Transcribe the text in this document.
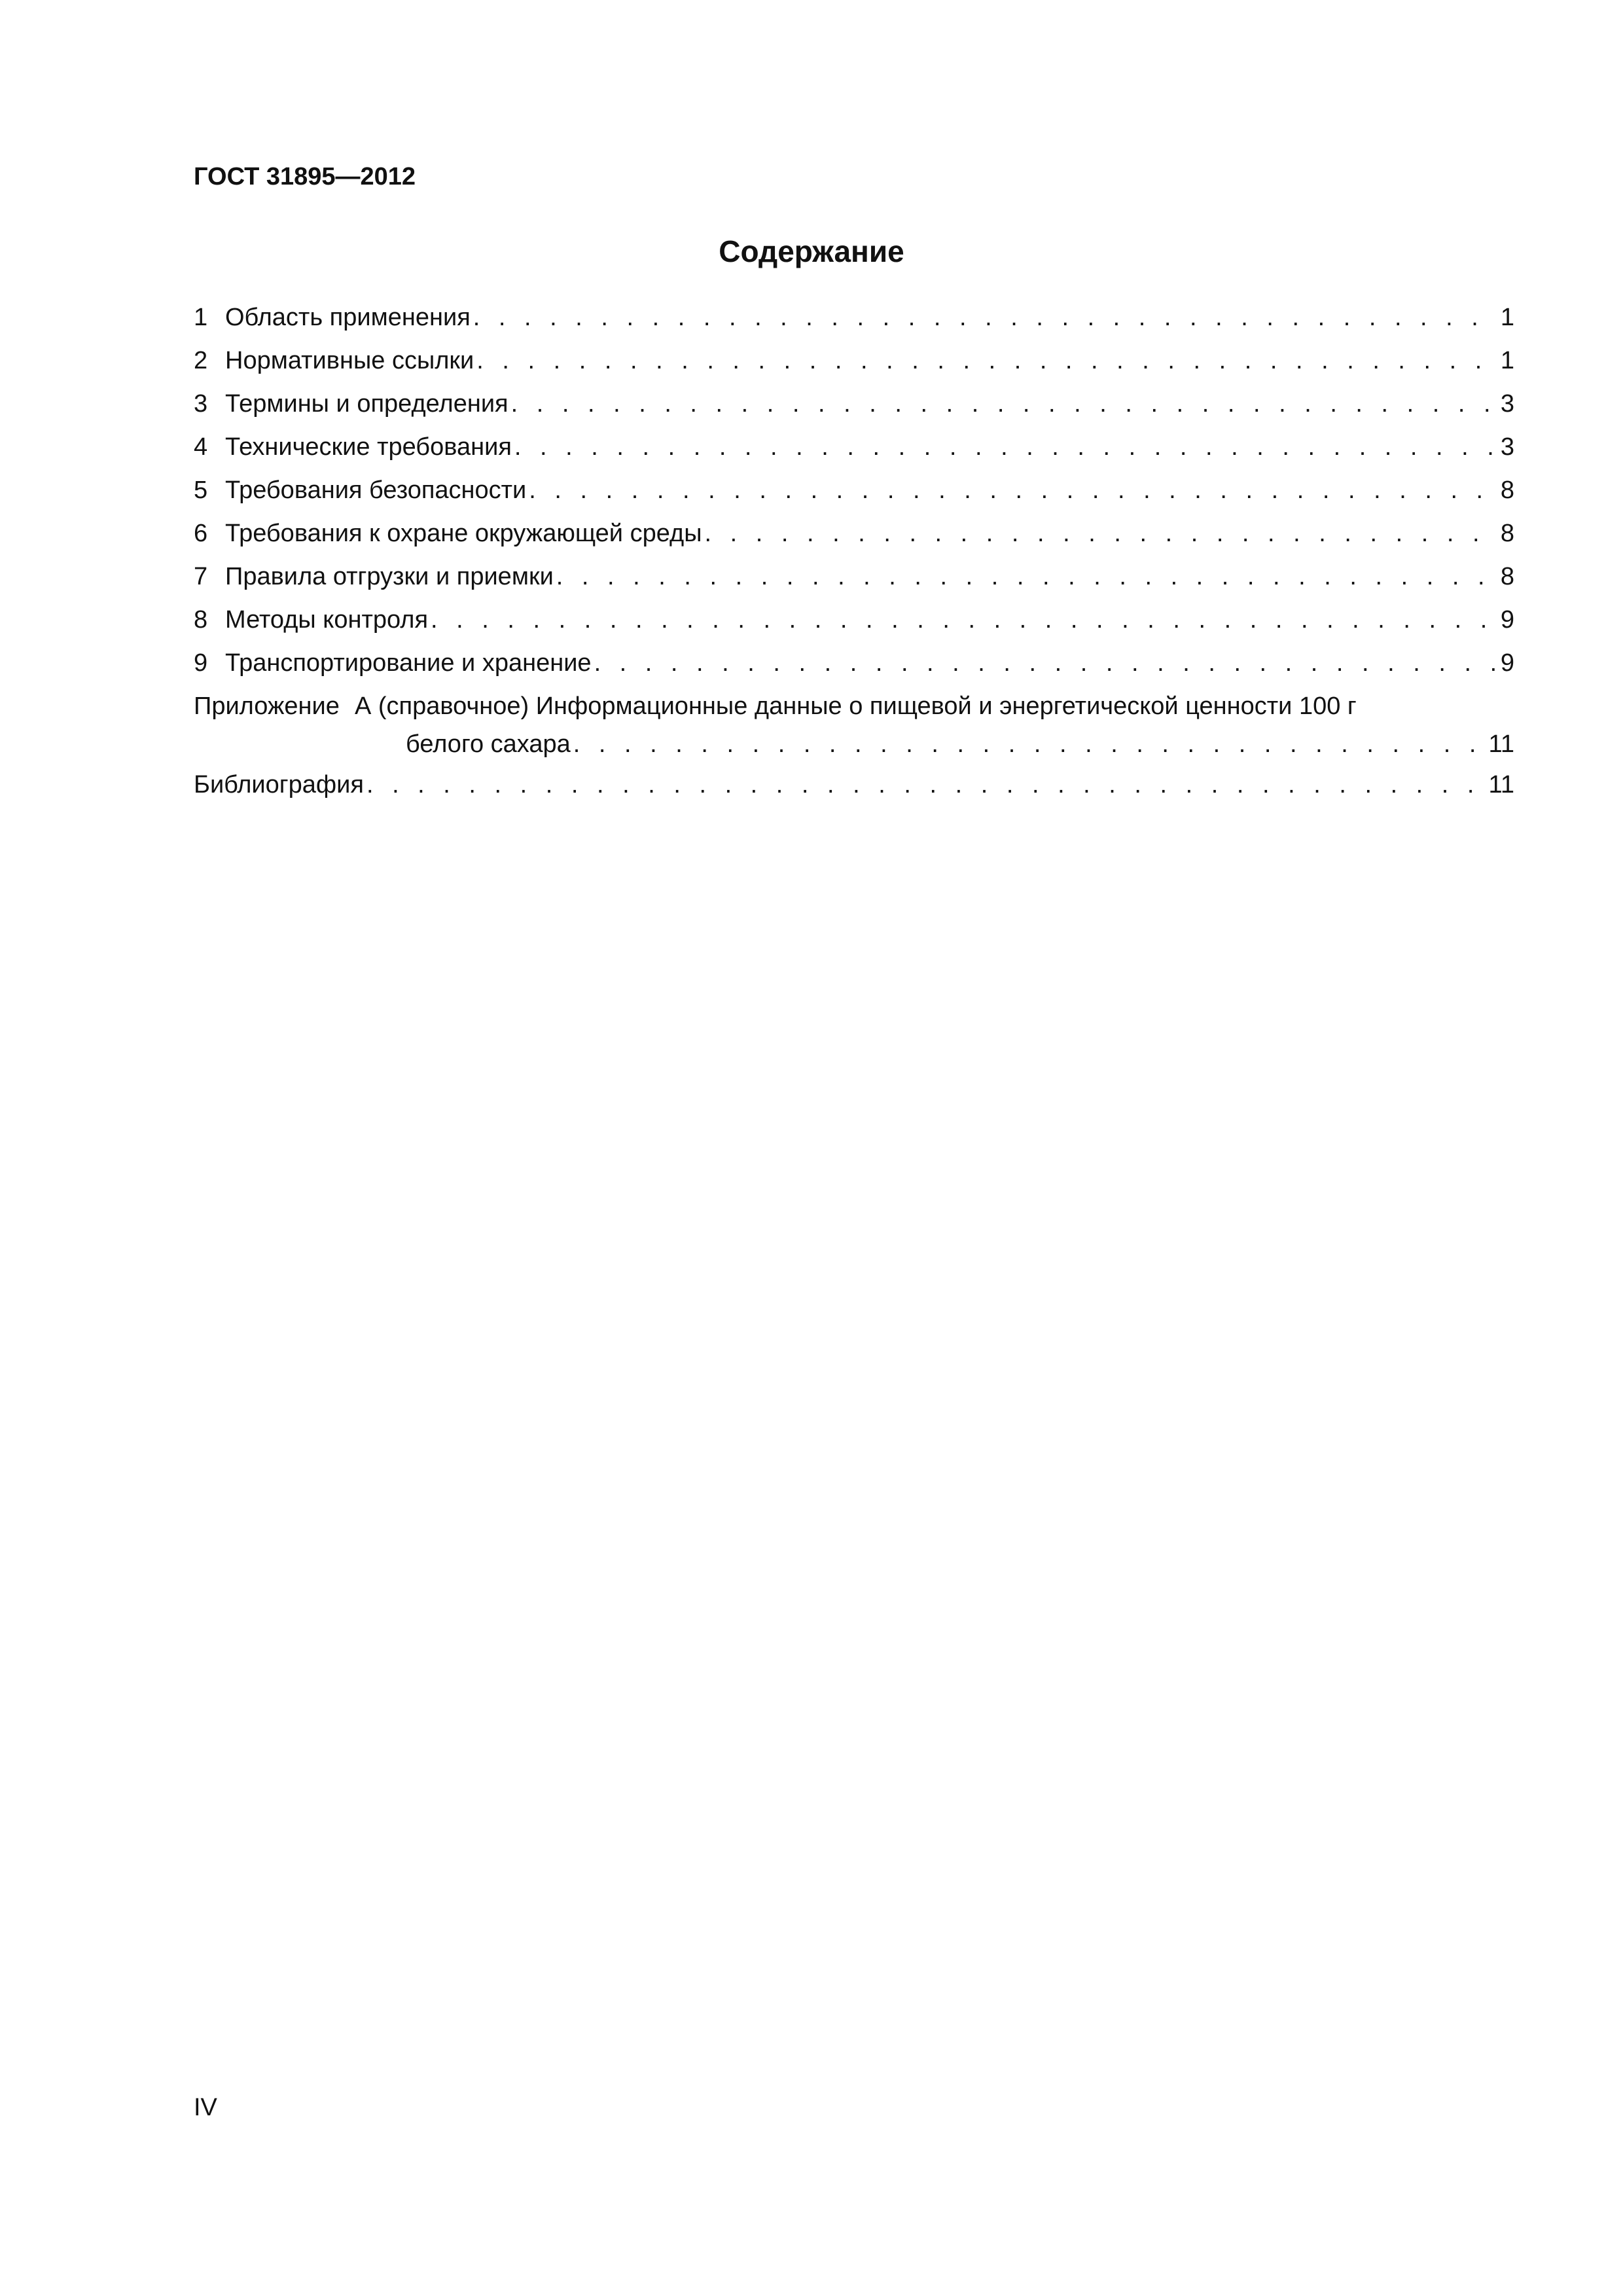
ГОСТ 31895—2012
Содержание
1 Область применения . . .	1
2 Нормативные ссылки . . .	1
3 Термины и определения . . .	3
4 Технические требования . . .	3
5 Требования безопасности . . .	8
6 Требования к охране окружающей среды . . .	8
7 Правила отгрузки и приемки . . .	8
8 Методы контроля . . .	9
9 Транспортирование и хранение . . .	9
Приложение А (справочное) Информационные данные о пищевой и энергетической ценности 100 г
белого сахара . . .	11
Библиография . . .	11
IV
